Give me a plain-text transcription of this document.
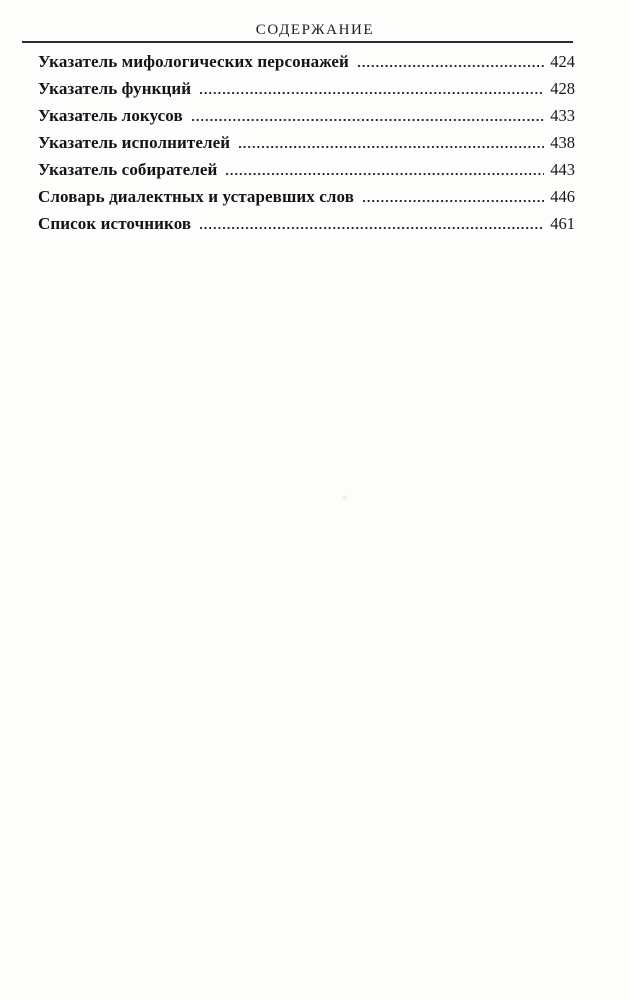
СОДЕРЖАНИЕ
Указатель мифологических персонажей	424
Указатель функций	428
Указатель локусов	433
Указатель исполнителей	438
Указатель собирателей	443
Словарь диалектных и устаревших слов	446
Список источников	461
